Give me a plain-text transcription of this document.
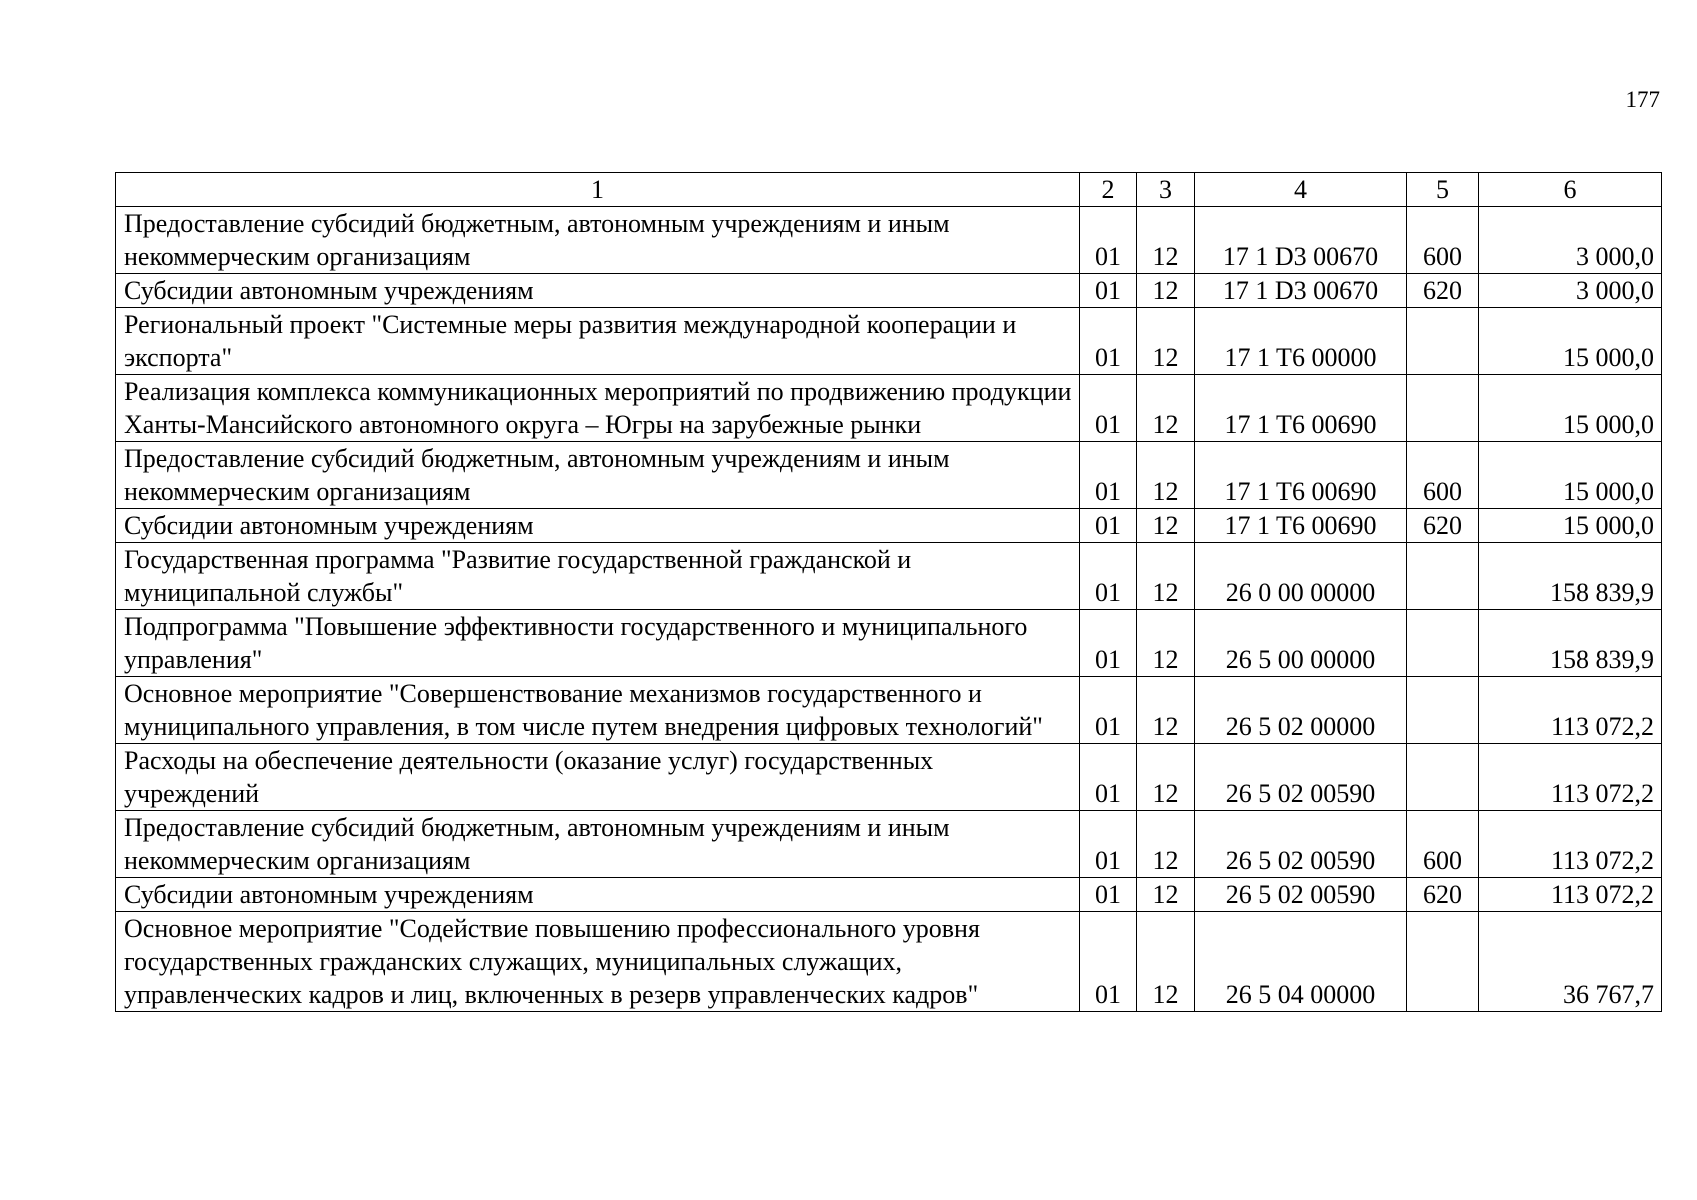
177
1	2	3	4	5	6
Предоставление субсидий бюджетным, автономным учреждениям и иным некоммерческим организациям	01	12	17 1 D3 00670	600	3 000,0
Субсидии автономным учреждениям	01	12	17 1 D3 00670	620	3 000,0
Региональный проект "Системные меры развития международной кооперации и экспорта"	01	12	17 1 T6 00000		15 000,0
Реализация комплекса коммуникационных мероприятий по продвижению продукции Ханты-Мансийского автономного округа – Югры на зарубежные рынки	01	12	17 1 T6 00690		15 000,0
Предоставление субсидий бюджетным, автономным учреждениям и иным некоммерческим организациям	01	12	17 1 T6 00690	600	15 000,0
Субсидии автономным учреждениям	01	12	17 1 T6 00690	620	15 000,0
Государственная программа "Развитие государственной гражданской и муниципальной службы"	01	12	26 0 00 00000		158 839,9
Подпрограмма "Повышение эффективности государственного и муниципального управления"	01	12	26 5 00 00000		158 839,9
Основное мероприятие "Совершенствование механизмов государственного и муниципального управления, в том числе путем внедрения цифровых технологий"	01	12	26 5 02 00000		113 072,2
Расходы на обеспечение деятельности (оказание услуг) государственных учреждений	01	12	26 5 02 00590		113 072,2
Предоставление субсидий бюджетным, автономным учреждениям и иным некоммерческим организациям	01	12	26 5 02 00590	600	113 072,2
Субсидии автономным учреждениям	01	12	26 5 02 00590	620	113 072,2
Основное мероприятие "Содействие повышению профессионального уровня государственных гражданских служащих, муниципальных служащих, управленческих кадров и лиц, включенных в резерв управленческих кадров"	01	12	26 5 04 00000		36 767,7
